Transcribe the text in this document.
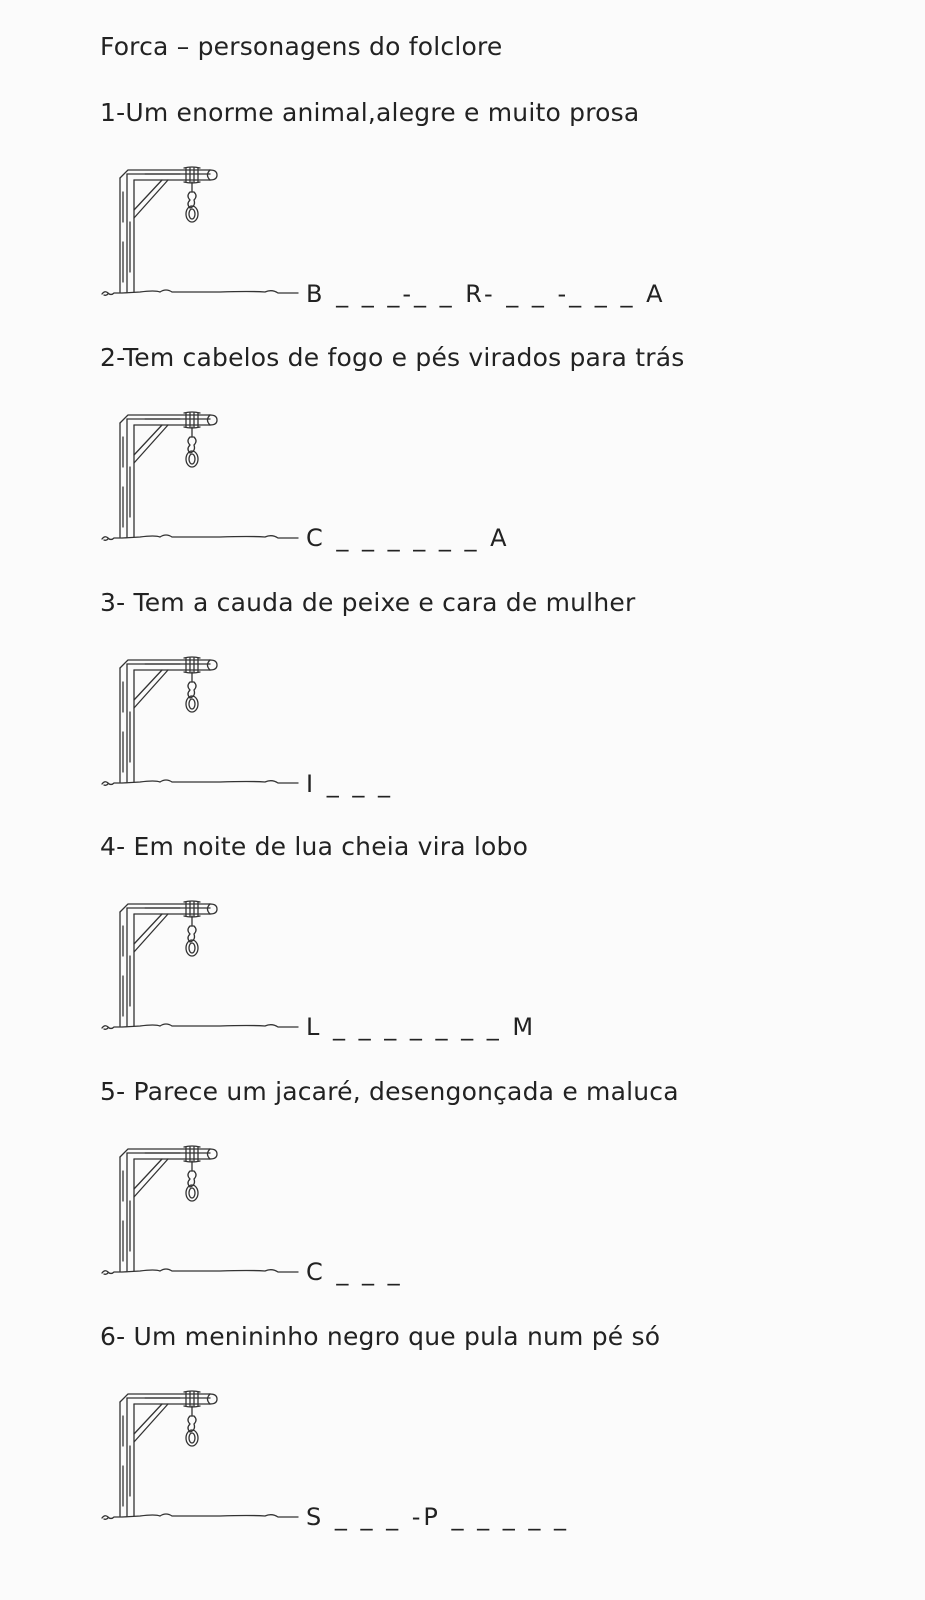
Forca – personagens do folclore
1-Um enorme animal,alegre e muito prosa
B _ _ _-_ _ R- _ _ -_ _ _ A
2-Tem cabelos de fogo e pés virados para trás
C _ _ _ _ _ _ A
3- Tem a cauda de peixe e cara de mulher
I _ _ _
4- Em noite de lua cheia vira lobo
L _ _ _ _ _ _ _ M
5- Parece um jacaré, desengonçada e maluca
C _ _ _
6- Um menininho negro que pula num pé só
S _ _ _ -P _ _ _ _ _
